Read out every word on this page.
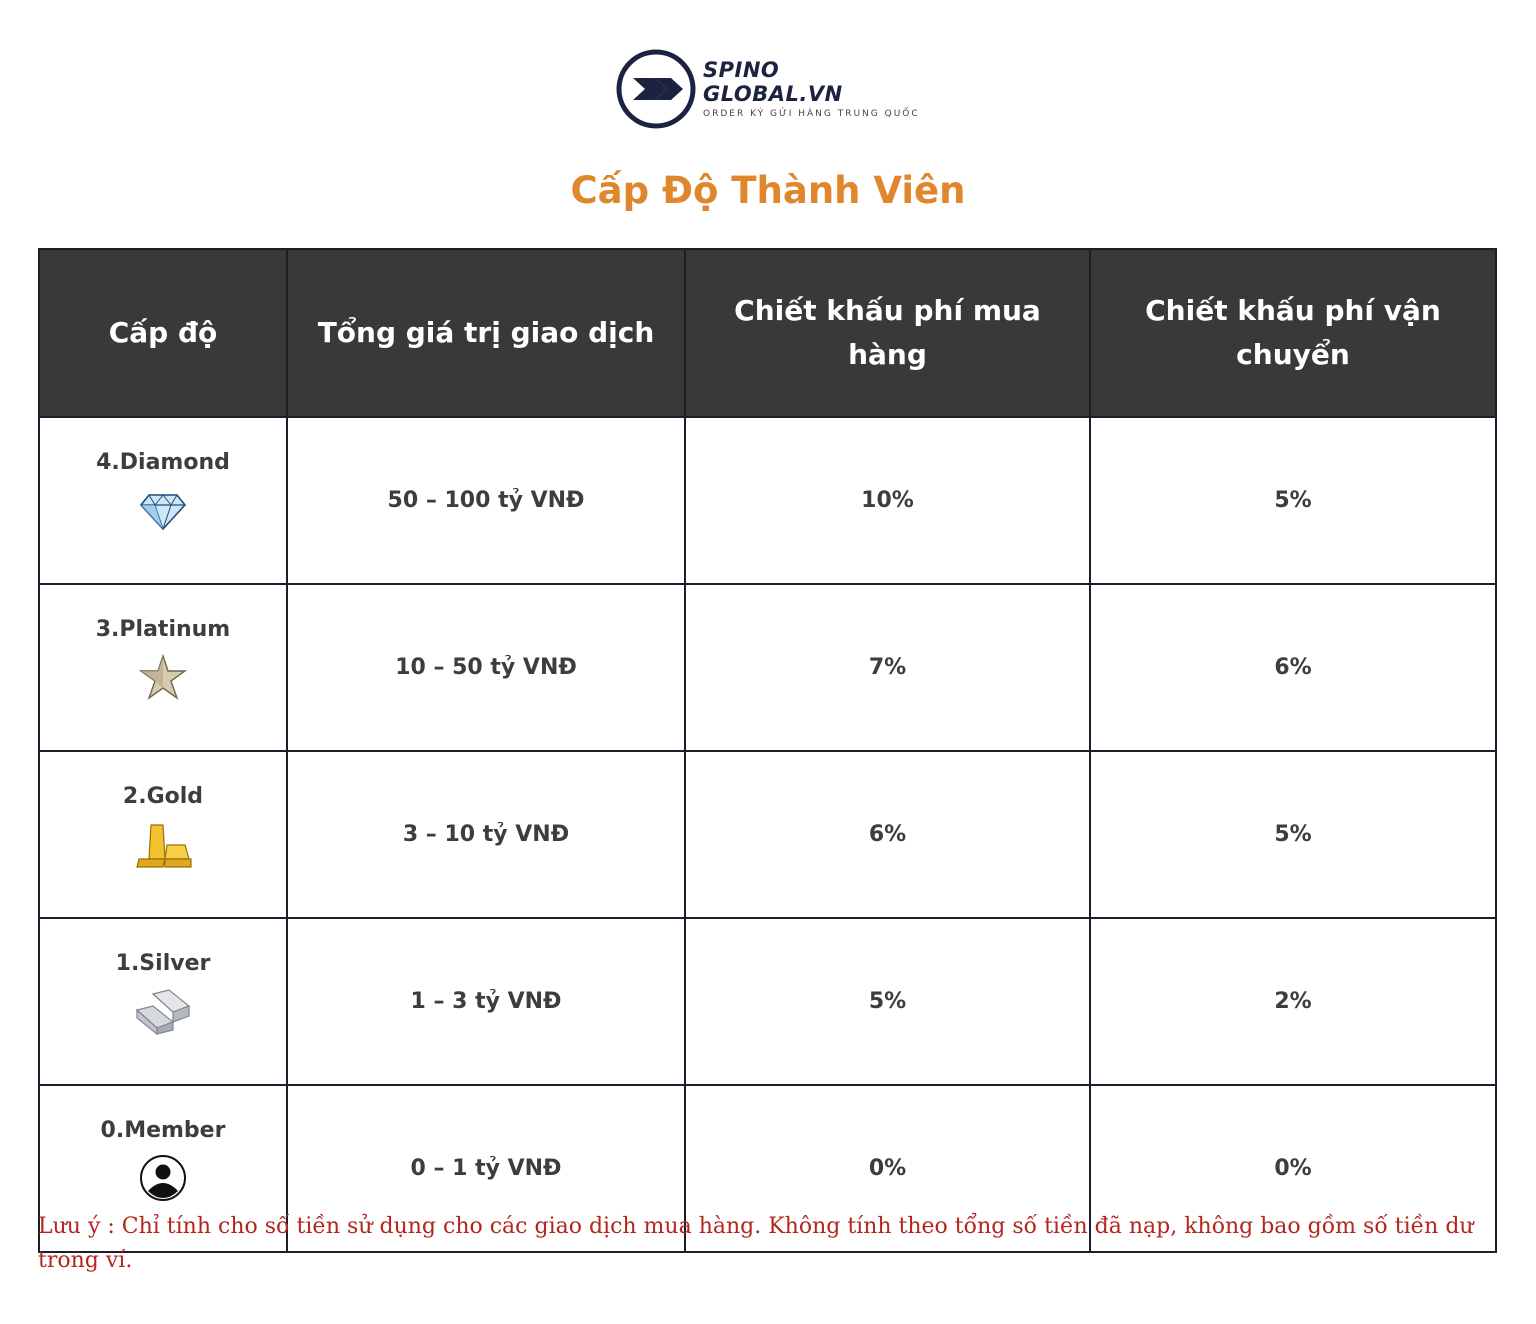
SPINO GLOBAL.VN
ORDER KÝ GỬI HÀNG TRUNG QUỐC
Cấp Độ Thành Viên
Cấp độ	Tổng giá trị giao dịch	Chiết khấu phí mua hàng	Chiết khấu phí vận chuyển

4.Diamond	50 – 100 tỷ VNĐ	10%	5%

3.Platinum	10 – 50 tỷ VNĐ	7%	6%

2.Gold	3 – 10 tỷ VNĐ	6%	5%

1.Silver	1 – 3 tỷ VNĐ	5%	2%

0.Member	0 – 1 tỷ VNĐ	0%	0%

Lưu ý : Chỉ tính cho số tiền sử dụng cho các giao dịch mua hàng. Không tính theo tổng số tiền đã nạp, không bao gồm số tiền dư trong ví.
